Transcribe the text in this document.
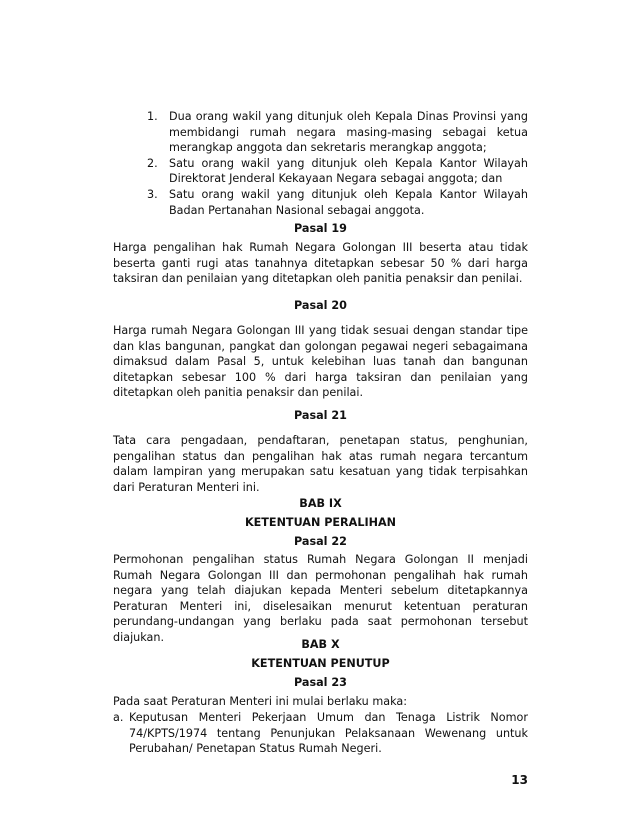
1.	Dua orang wakil yang ditunjuk oleh Kepala Dinas Provinsi yang membidangi rumah negara masing-masing sebagai ketua merangkap anggota dan sekretaris merangkap anggota;
2.	Satu orang wakil yang ditunjuk oleh Kepala Kantor Wilayah Direktorat Jenderal Kekayaan Negara sebagai anggota; dan
3.	Satu orang wakil yang ditunjuk oleh Kepala Kantor Wilayah Badan Pertanahan Nasional sebagai anggota.
Pasal 19
Harga pengalihan hak Rumah Negara Golongan III beserta atau tidak beserta ganti rugi atas tanahnya ditetapkan sebesar 50 % dari harga taksiran dan penilaian yang ditetapkan oleh panitia penaksir dan penilai.
Pasal 20
Harga rumah Negara Golongan III yang tidak sesuai dengan standar tipe dan klas bangunan, pangkat dan golongan pegawai negeri sebagaimana dimaksud dalam Pasal 5, untuk kelebihan luas tanah dan bangunan ditetapkan sebesar 100 % dari harga taksiran dan penilaian yang ditetapkan oleh panitia penaksir dan penilai.
Pasal 21
Tata cara pengadaan, pendaftaran, penetapan status, penghunian, pengalihan status dan pengalihan hak atas rumah negara tercantum dalam lampiran yang merupakan satu kesatuan yang tidak terpisahkan dari Peraturan Menteri ini.
BAB IX
KETENTUAN PERALIHAN
Pasal 22
Permohonan pengalihan status Rumah Negara Golongan II menjadi Rumah Negara Golongan III dan permohonan pengalihah hak rumah negara yang telah diajukan kepada Menteri sebelum ditetapkannya Peraturan Menteri ini, diselesaikan menurut ketentuan peraturan perundang-undangan yang berlaku pada saat permohonan tersebut diajukan.
BAB X
KETENTUAN PENUTUP
Pasal 23
Pada saat Peraturan Menteri ini mulai berlaku maka:
a. Keputusan Menteri Pekerjaan Umum dan Tenaga Listrik Nomor 74/KPTS/1974 tentang Penunjukan Pelaksanaan Wewenang untuk Perubahan/ Penetapan Status Rumah Negeri.
13
